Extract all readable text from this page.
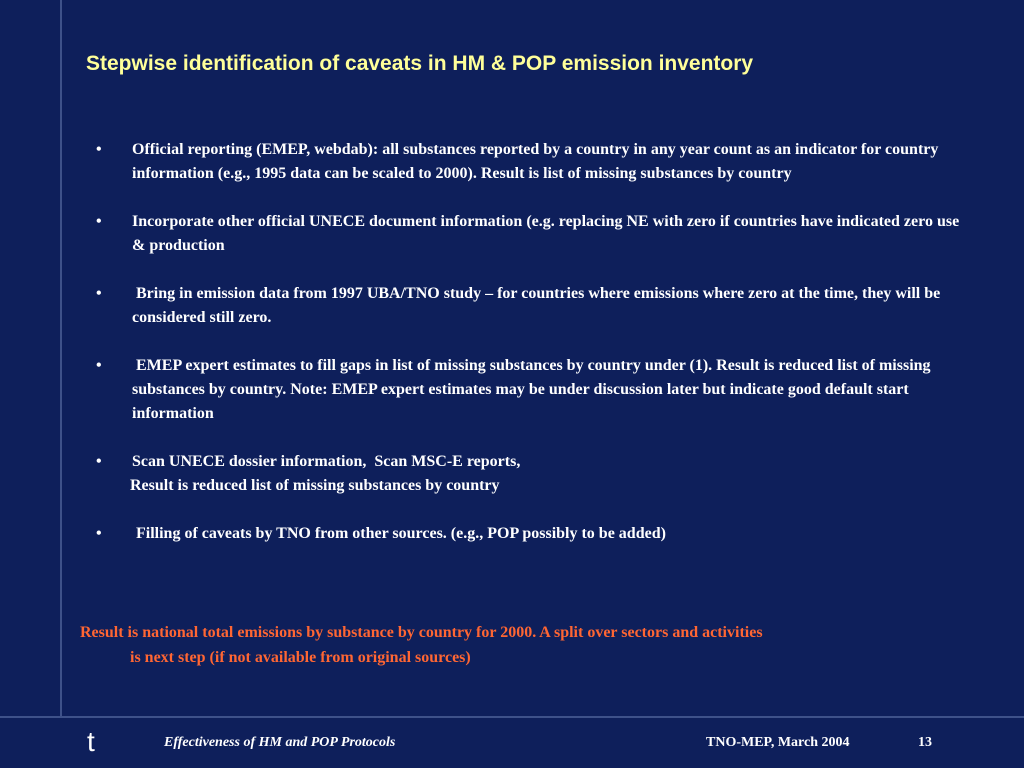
Stepwise identification of caveats in HM & POP emission inventory
• Official reporting (EMEP, webdab): all substances reported by a country in any year count as an indicator for country information (e.g., 1995 data can be scaled to 2000). Result is list of missing substances by country
• Incorporate other official UNECE document information (e.g. replacing NE with zero if countries have indicated zero use & production
• Bring in emission data from 1997 UBA/TNO study – for countries where emissions where zero at the time, they will be considered still zero.
• EMEP expert estimates to fill gaps in list of missing substances by country under (1). Result is reduced list of missing substances by country. Note: EMEP expert estimates may be under discussion later but indicate good default start information
• Scan UNECE dossier information,  Scan MSC-E reports,
Result is reduced list of missing substances by country
• Filling of caveats by TNO from other sources. (e.g., POP possibly to be added)
Result is national total emissions by substance by country for 2000. A split over sectors and activities
is next step (if not available from original sources)
t	Effectiveness of HM and POP Protocols	TNO-MEP, March 2004	13
